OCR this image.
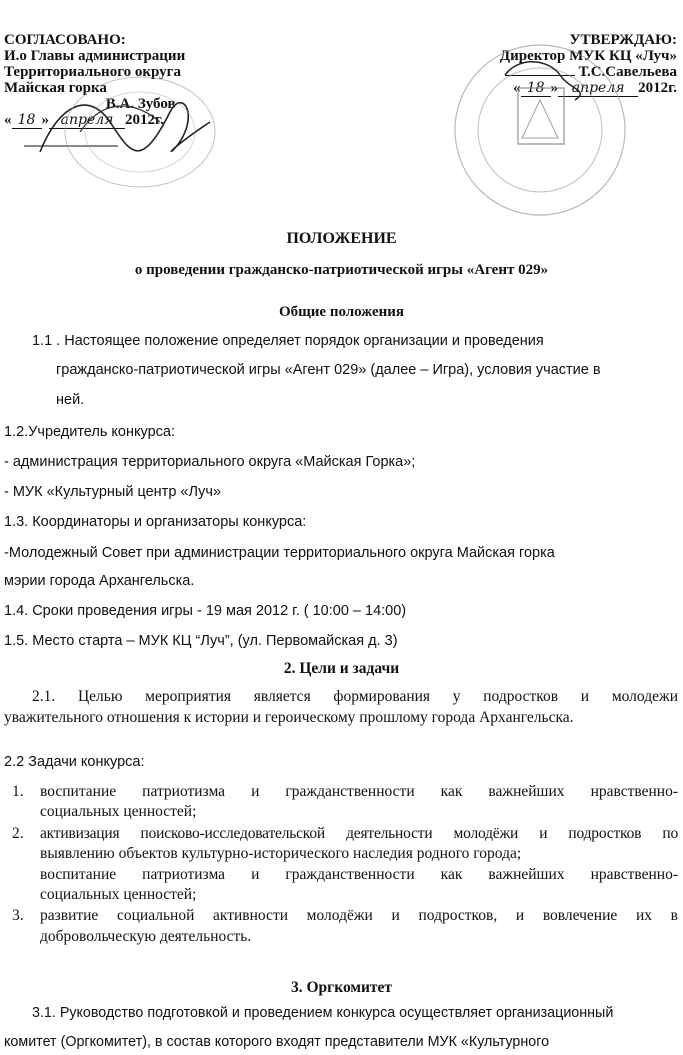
СОГЛАСОВАНО:
И.о Главы администрации
Территориального округа
Майская горка
В.А. Зубов
« 18 » апреля 2012г.
УТВЕРЖДАЮ:
Директор МУК КЦ «Луч»
Т.С.Савельева
« 18 » апреля 2012г.
ПОЛОЖЕНИЕ
о проведении гражданско-патриотической игры «Агент 029»
Общие положения
1.1 . Настоящее положение определяет порядок организации и проведения
гражданско-патриотической игры «Агент 029» (далее – Игра), условия участие в
ней.
1.2.Учредитель конкурса:
- администрация территориального округа «Майская Горка»;
- МУК «Культурный центр «Луч»
1.3. Координаторы и организаторы конкурса:
-Молодежный Совет при администрации территориального округа Майская горка
мэрии города Архангельска.
1.4. Сроки проведения игры - 19 мая 2012 г. ( 10:00 – 14:00)
1.5. Место старта – МУК КЦ “Луч”, (ул. Первомайская д. 3)
2. Цели и задачи
2.1. Целью мероприятия является формирования у подростков и молодежи
уважительного отношения к истории и героическому прошлому города Архангельска.
2.2 Задачи конкурса:
1. воспитание патриотизма и гражданственности как важнейших нравственно-
социальных ценностей;
2. активизация поисково-исследовательской деятельности молодёжи и подростков по
выявлению объектов культурно-исторического наследия родного города;
воспитание патриотизма и гражданственности как важнейших нравственно-
социальных ценностей;
3. развитие социальной активности молодёжи и подростков, и вовлечение их в
добровольческую деятельность.
3. Оргкомитет
3.1. Руководство подготовкой и проведением конкурса осуществляет организационный
комитет (Оргкомитет), в состав которого входят представители МУК «Культурного
